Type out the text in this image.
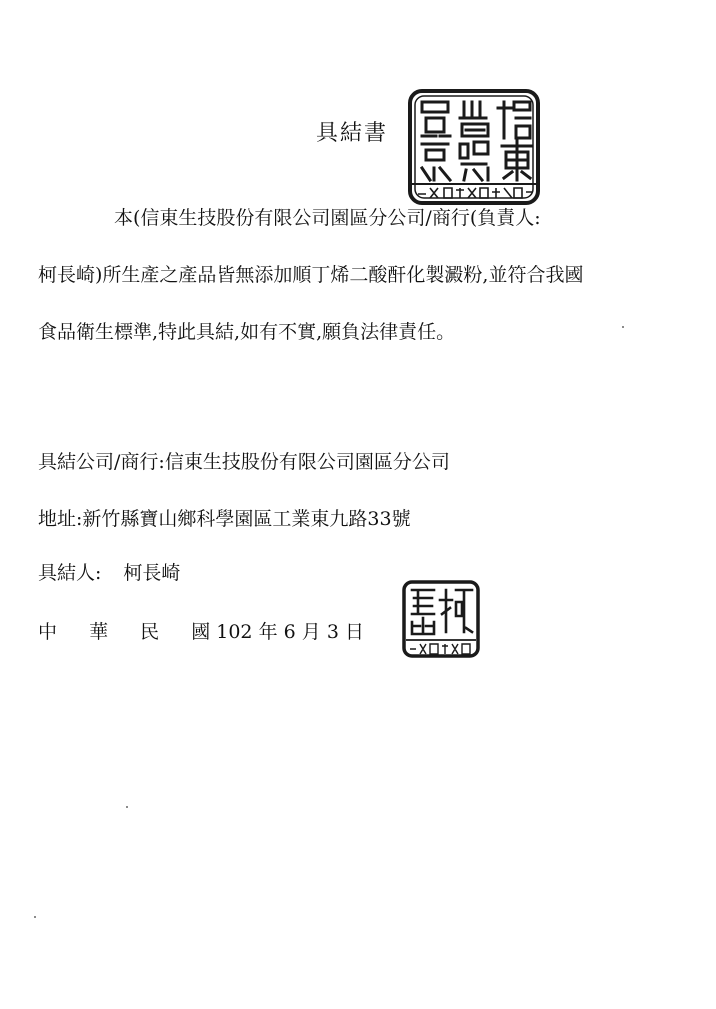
具結書

本(信東生技股份有限公司園區分公司/商行(負責人:
柯長崎)所生產之產品皆無添加順丁烯二酸酐化製澱粉,並符合我國
食品衛生標準,特此具結,如有不實,願負法律責任。

具結公司/商行:信東生技股份有限公司園區分公司
地址:新竹縣寶山鄉科學園區工業東九路33號
具結人: 柯長崎
中 華 民 國 102 年 6 月 3 日
